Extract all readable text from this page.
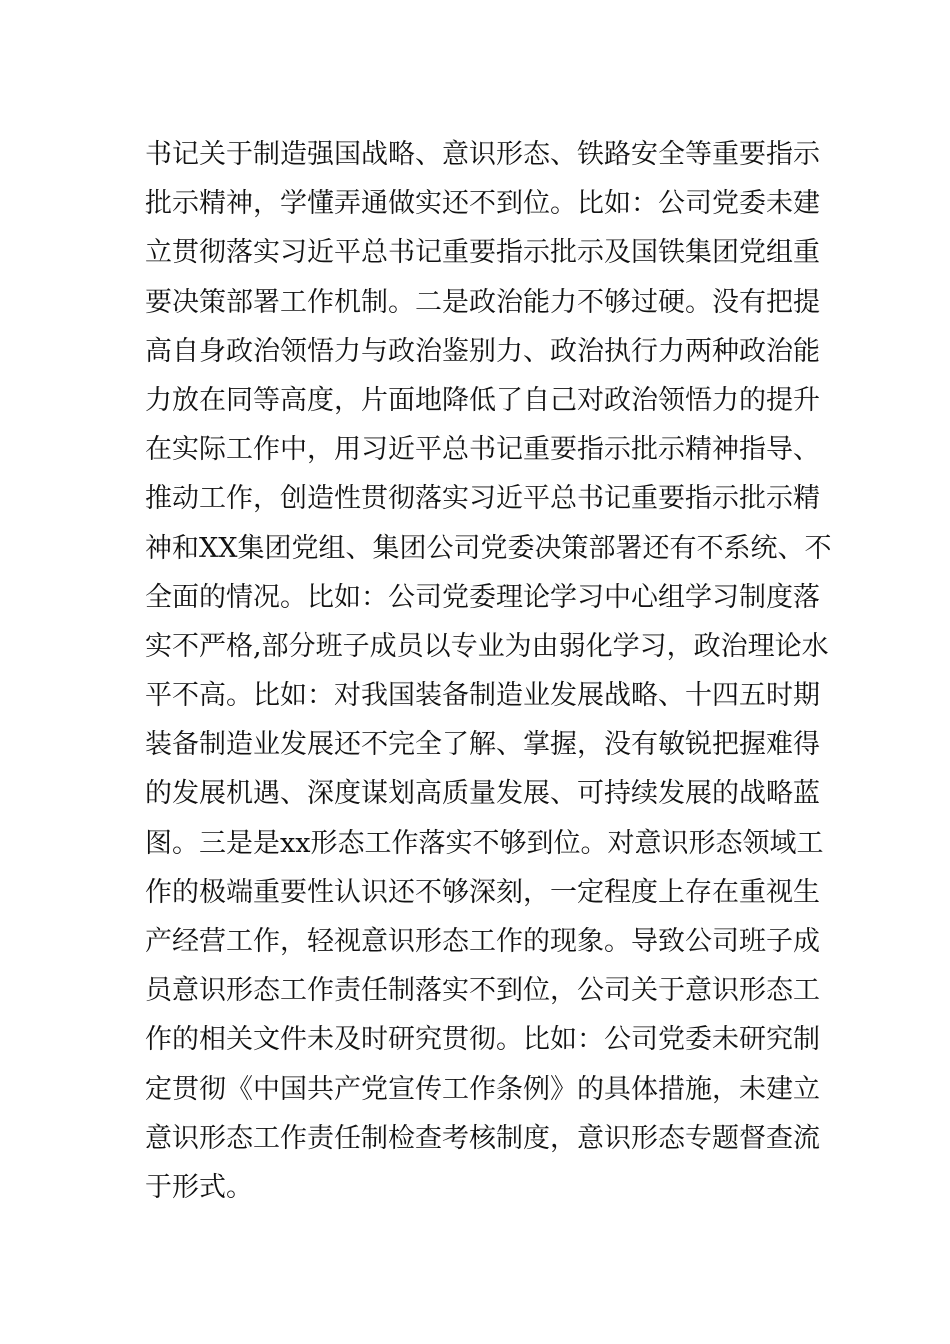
书记关于制造强国战略、意识形态、铁路安全等重要指示
批示精神，学懂弄通做实还不到位。比如：公司党委未建
立贯彻落实习近平总书记重要指示批示及国铁集团党组重
要决策部署工作机制。二是政治能力不够过硬。没有把提
高自身政治领悟力与政治鉴别力、政治执行力两种政治能
力放在同等高度，片面地降低了自己对政治领悟力的提升
在实际工作中，用习近平总书记重要指示批示精神指导、
推动工作，创造性贯彻落实习近平总书记重要指示批示精
神和XX集团党组、集团公司党委决策部署还有不系统、不
全面的情况。比如：公司党委理论学习中心组学习制度落
实不严格,部分班子成员以专业为由弱化学习，政治理论水
平不高。比如：对我国装备制造业发展战略、十四五时期
装备制造业发展还不完全了解、掌握，没有敏锐把握难得
的发展机遇、深度谋划高质量发展、可持续发展的战略蓝
图。三是是xx形态工作落实不够到位。对意识形态领域工
作的极端重要性认识还不够深刻，一定程度上存在重视生
产经营工作，轻视意识形态工作的现象。导致公司班子成
员意识形态工作责任制落实不到位，公司关于意识形态工
作的相关文件未及时研究贯彻。比如：公司党委未研究制
定贯彻《中国共产党宣传工作条例》的具体措施，未建立
意识形态工作责任制检查考核制度，意识形态专题督查流
于形式。
